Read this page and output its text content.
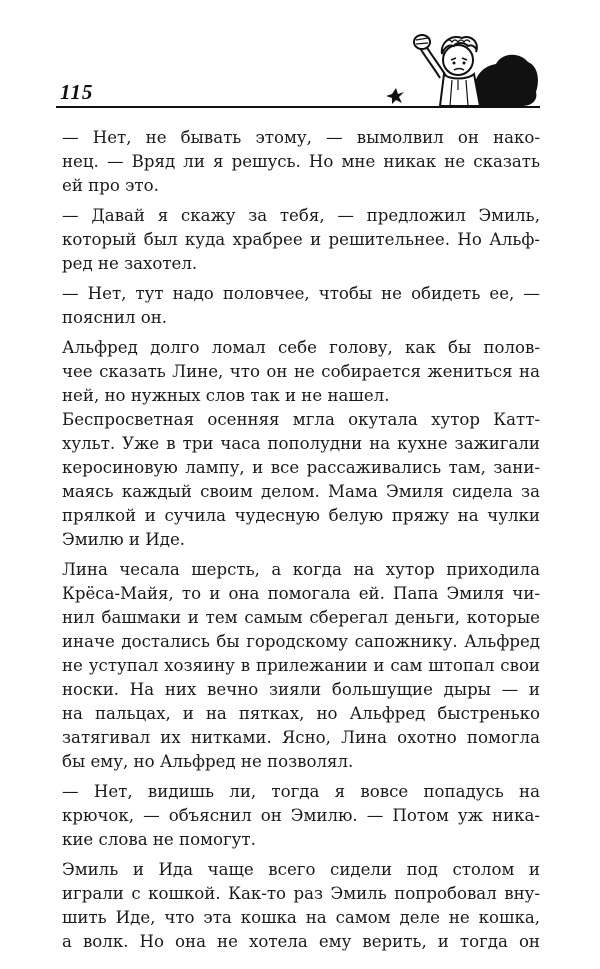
115

— Нет, не бывать этому, — вымолвил он нако-
нец. — Вряд ли я решусь. Но мне никак не сказать
ей про это.

— Давай я скажу за тебя, — предложил Эмиль,
который был куда храбрее и решительнее. Но Альф-
ред не захотел.

— Нет, тут надо половчее, чтобы не обидеть ее, —
пояснил он.

Альфред долго ломал себе голову, как бы полов-
чее сказать Лине, что он не собирается жениться на
ней, но нужных слов так и не нашел.

Беспросветная осенняя мгла окутала хутор Катт-
хульт. Уже в три часа пополудни на кухне зажигали
керосиновую лампу, и все рассаживались там, зани-
маясь каждый своим делом. Мама Эмиля сидела за
прялкой и сучила чудесную белую пряжу на чулки
Эмилю и Иде.

Лина чесала шерсть, а когда на хутор приходила
Крёса-Майя, то и она помогала ей. Папа Эмиля чи-
нил башмаки и тем самым сберегал деньги, которые
иначе достались бы городскому сапожнику. Альфред
не уступал хозяину в прилежании и сам штопал свои
носки. На них вечно зияли большущие дыры — и
на пальцах, и на пятках, но Альфред быстренько
затягивал их нитками. Ясно, Лина охотно помогла
бы ему, но Альфред не позволял.

— Нет, видишь ли, тогда я вовсе попадусь на
крючок, — объяснил он Эмилю. — Потом уж ника-
кие слова не помогут.

Эмиль и Ида чаще всего сидели под столом и
играли с кошкой. Как-то раз Эмиль попробовал вну-
шить Иде, что эта кошка на самом деле не кошка,
а волк. Но она не хотела ему верить, и тогда он
